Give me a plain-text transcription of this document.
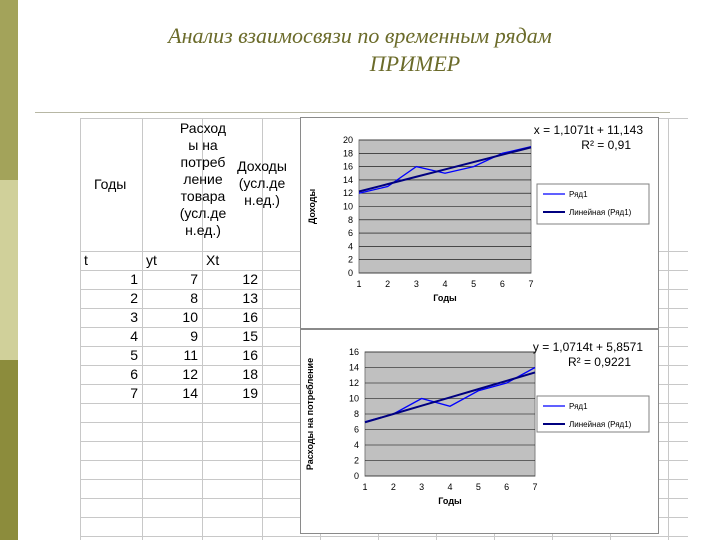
Анализ взаимосвязи по временным рядам
ПРИМЕР
Годы
Расход
ы на
потреб
ление
товара
(усл.де
н.ед.)
Доходы
(усл.де
н.ед.)
t	yt	Xt
1	7	12
2	8	13
3	10	16
4	9	15
5	11	16
6	12	18
7	14	19
0
2
4
6
8
10
12
14
16
18
20
1	2	3	4	5	6	7
Годы
Доходы
x = 1,1071t + 11,143
R² = 0,91
Ряд1
Линейная (Ряд1)
0
2
4
6
8
10
12
14
16
1	2	3	4	5	6	7
Годы
Расходы на потребление
y = 1,0714t + 5,8571
R² = 0,9221
Ряд1
Линейная (Ряд1)
